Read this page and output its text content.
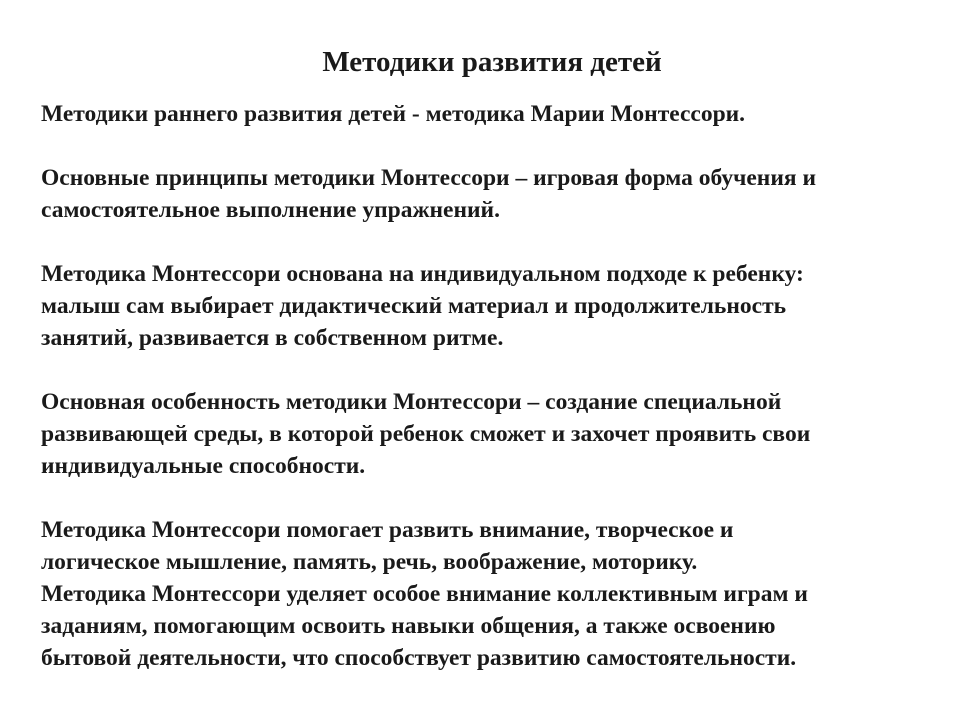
Методики развития детей
Методики раннего развития детей - методика Марии Монтессори.
Основные принципы методики Монтессори – игровая форма обучения и
самостоятельное выполнение упражнений.
Методика Монтессори основана на индивидуальном подходе к ребенку:
малыш сам выбирает дидактический материал и продолжительность
занятий, развивается в собственном ритме.
Основная особенность методики Монтессори – создание специальной
развивающей среды, в которой ребенок сможет и захочет проявить свои
индивидуальные способности.
Методика Монтессори помогает развить внимание, творческое и
логическое мышление, память, речь, воображение, моторику.
Методика Монтессори уделяет особое внимание коллективным играм и
заданиям, помогающим освоить навыки общения, а также освоению
бытовой деятельности, что способствует развитию самостоятельности.
